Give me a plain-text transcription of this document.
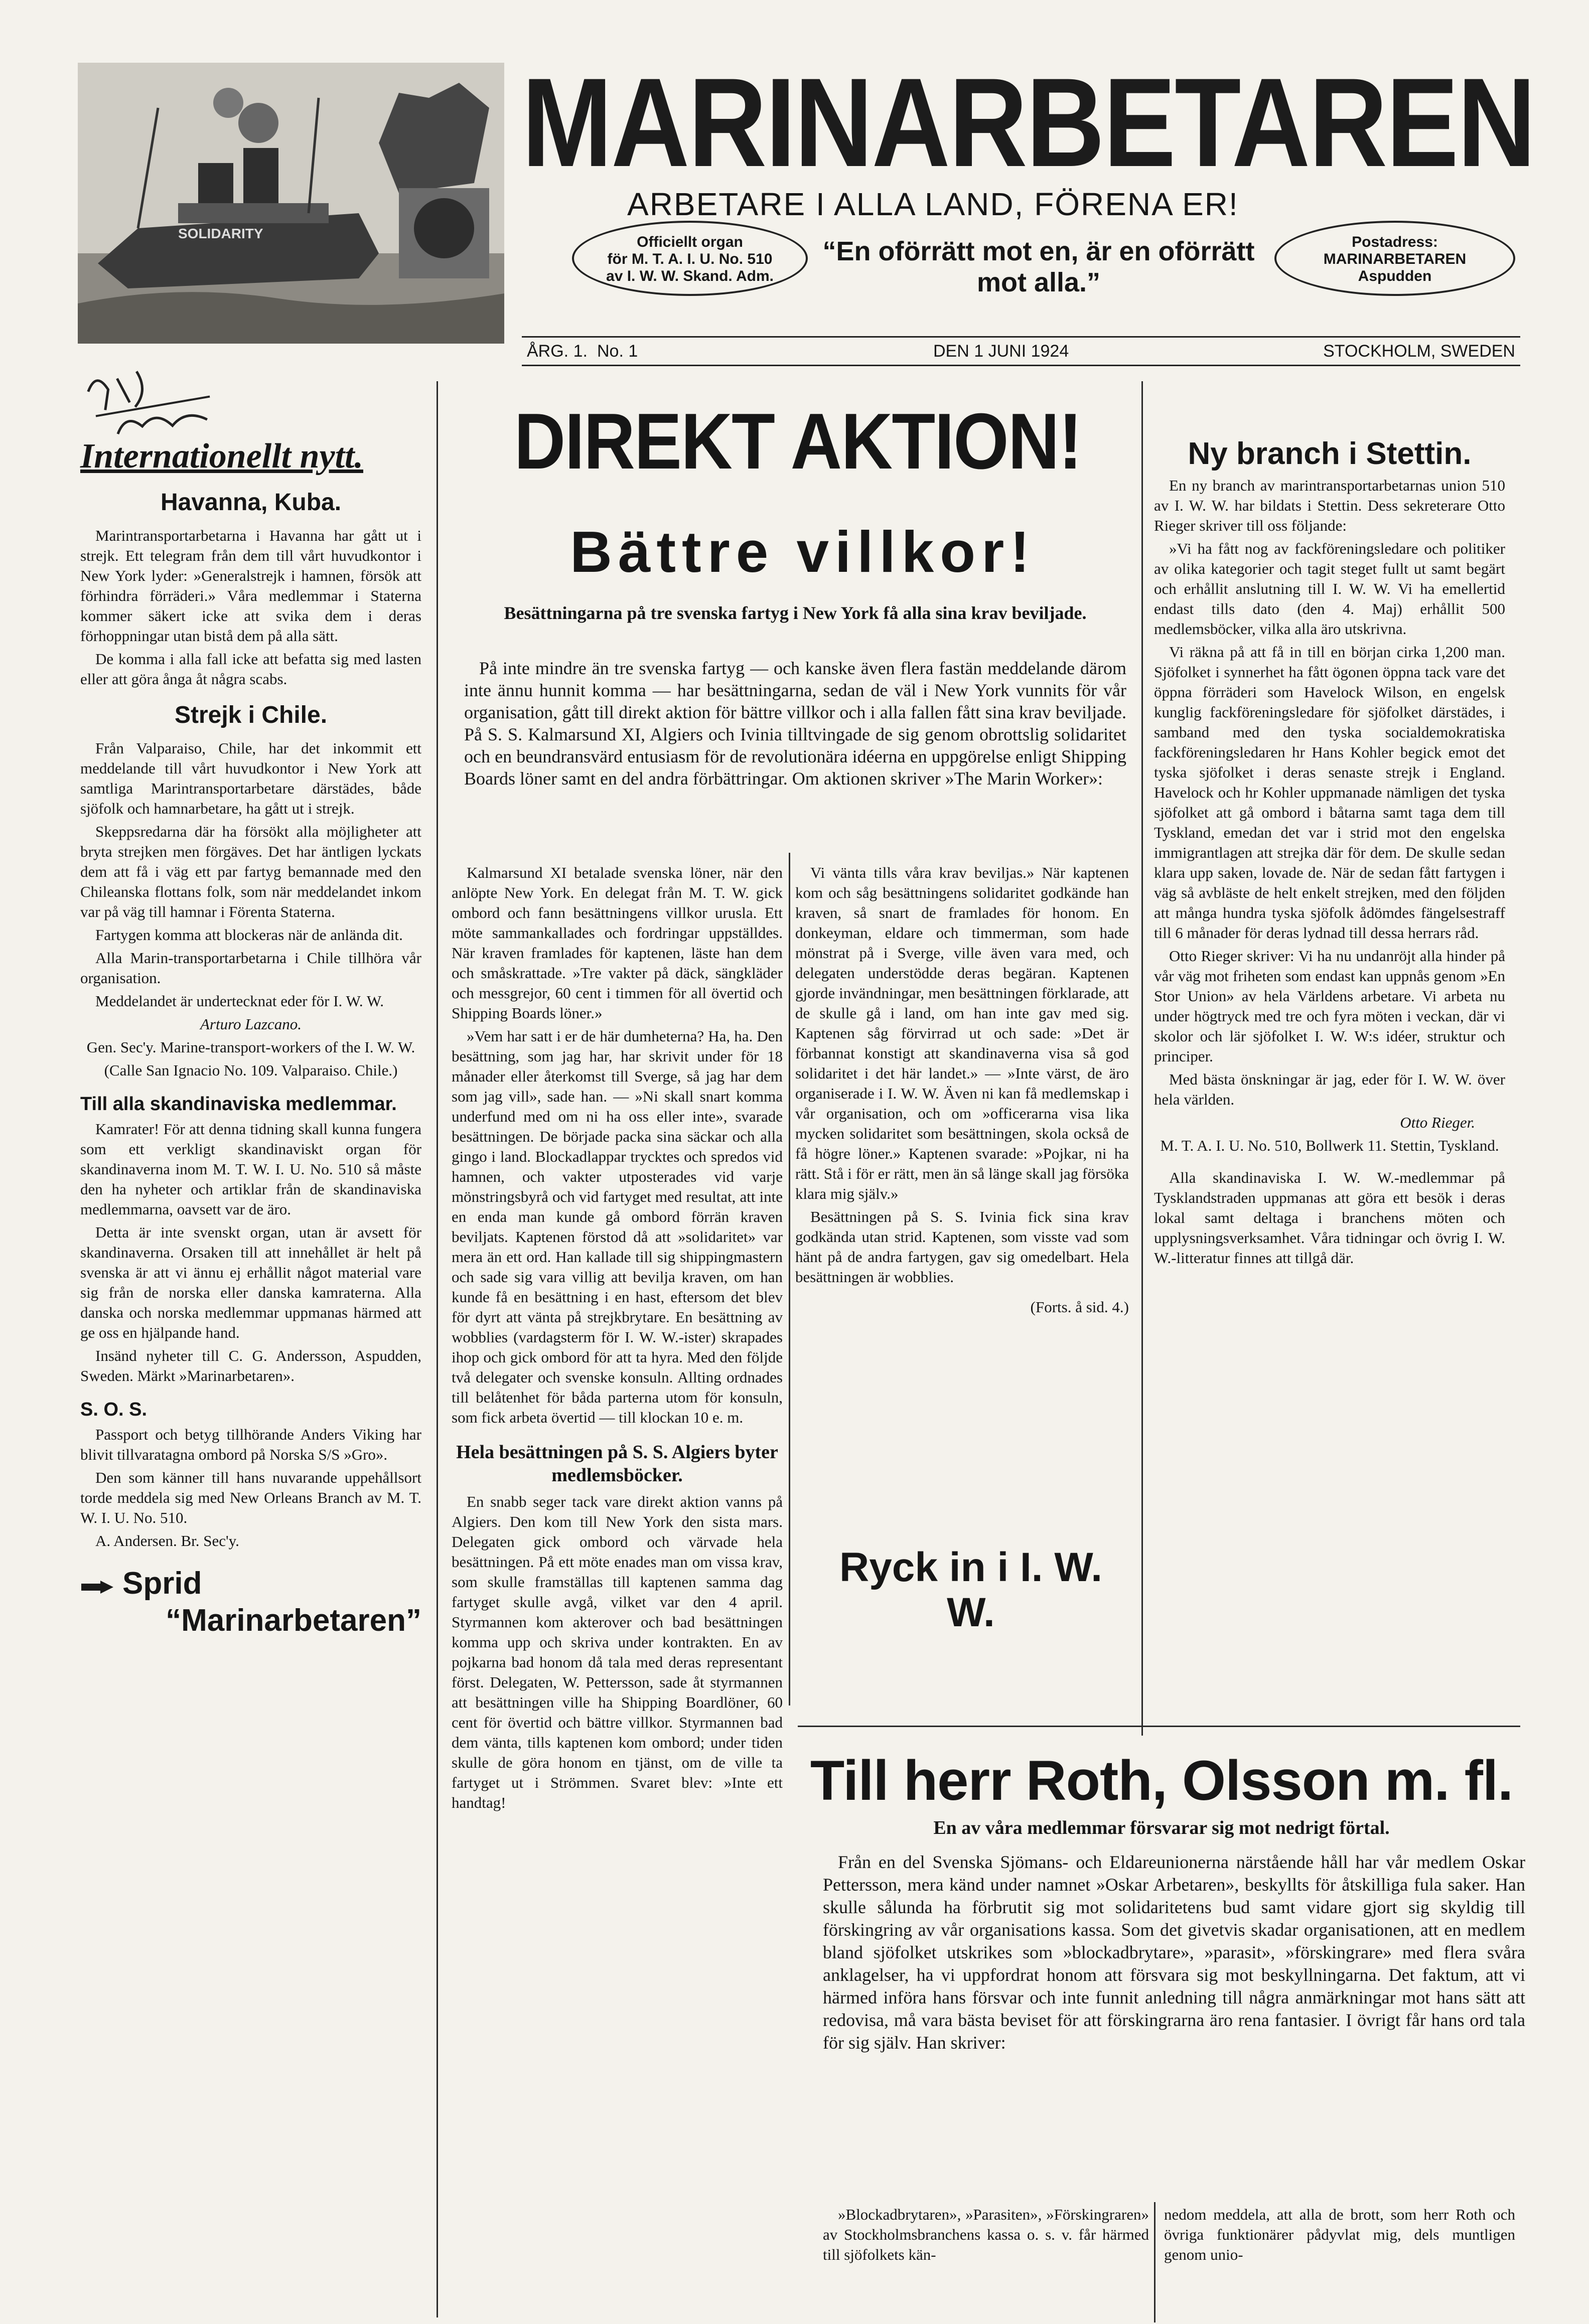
SOLIDARITY
MARINARBETAREN
ARBETARE I ALLA LAND, FÖRENA ER!
Officiellt organ
för M. T. A. I. U. No. 510
av I. W. W. Skand. Adm.
“En oförrätt mot en, är en oförrätt mot alla.”
Postadress:
MARINARBETAREN
Aspudden
ÅRG. 1. No. 1	DEN 1 JUNI 1924	STOCKHOLM, SWEDEN
Internationellt nytt.
Havanna, Kuba.

Marintransportarbetarna i Havanna har gått ut i strejk. Ett telegram från dem till vårt huvudkontor i New York lyder: »Generalstrejk i hamnen, försök att förhindra förräderi.» Våra medlemmar i Staterna kommer säkert icke att svika dem i deras förhoppningar utan bistå dem på alla sätt.

De komma i alla fall icke att befatta sig med lasten eller att göra ånga åt några scabs.

Strejk i Chile.

Från Valparaiso, Chile, har det inkommit ett meddelande till vårt huvudkontor i New York att samtliga Marintransportarbetare därstädes, både sjöfolk och hamnarbetare, ha gått ut i strejk.

Skeppsredarna där ha försökt alla möjligheter att bryta strejken men förgäves. Det har äntligen lyckats dem att få i väg ett par fartyg bemannade med den Chileanska flottans folk, som när meddelandet inkom var på väg till hamnar i Förenta Staterna.

Fartygen komma att blockeras när de anlända dit.

Alla Marin-transportarbetarna i Chile tillhöra vår organisation.

Meddelandet är undertecknat eder för I. W. W.

Arturo Lazcano.

Gen. Sec'y. Marine-transport-workers of the I. W. W.

(Calle San Ignacio No. 109. Valparaiso. Chile.)

Till alla skandinaviska medlemmar.

Kamrater! För att denna tidning skall kunna fungera som ett verkligt skandinaviskt organ för skandinaverna inom M. T. W. I. U. No. 510 så måste den ha nyheter och artiklar från de skandinaviska medlemmarna, oavsett var de äro.

Detta är inte svenskt organ, utan är avsett för skandinaverna. Orsaken till att innehållet är helt på svenska är att vi ännu ej erhållit något material vare sig från de norska eller danska kamraterna. Alla danska och norska medlemmar uppmanas härmed att ge oss en hjälpande hand.

Insänd nyheter till C. G. Andersson, Aspudden, Sweden. Märkt »Marinarbetaren».

S. O. S.

Passport och betyg tillhörande Anders Viking har blivit tillvaratagna ombord på Norska S/S »Gro».

Den som känner till hans nuvarande uppehållsort torde meddela sig med New Orleans Branch av M. T. W. I. U. No. 510.

A. Andersen. Br. Sec'y.

Sprid
“Marinarbetaren”
DIREKT AKTION!
Bättre villkor!
Besättningarna på tre svenska fartyg i New York få alla sina krav beviljade.
På inte mindre än tre svenska fartyg — och kanske även flera fastän meddelande därom inte ännu hunnit komma — har besättningarna, sedan de väl i New York vunnits för vår organisation, gått till direkt aktion för bättre villkor och i alla fallen fått sina krav beviljade. På S. S. Kalmarsund XI, Algiers och Ivinia tilltvingade de sig genom obrottslig solidaritet och en beundransvärd entusiasm för de revolutionära idéerna en uppgörelse enligt Shipping Boards löner samt en del andra förbättringar. Om aktionen skriver »The Marin Worker»:

Kalmarsund XI betalade svenska löner, när den anlöpte New York. En delegat från M. T. W. gick ombord och fann besättningens villkor urusla. Ett möte sammankallades och fordringar uppställdes. När kraven framlades för kaptenen, läste han dem och småskrattade. »Tre vakter på däck, sängkläder och messgrejor, 60 cent i timmen för all övertid och Shipping Boards löner.»

»Vem har satt i er de här dumheterna? Ha, ha. Den besättning, som jag har, har skrivit under för 18 månader eller återkomst till Sverge, så jag har dem som jag vill», sade han. — »Ni skall snart komma underfund med om ni ha oss eller inte», svarade besättningen. De började packa sina säckar och alla gingo i land. Blockadlappar trycktes och spredos vid hamnen, och vakter utposterades vid varje mönstringsbyrå och vid fartyget med resultat, att inte en enda man kunde gå ombord förrän kraven beviljats. Kaptenen förstod då att »solidaritet» var mera än ett ord. Han kallade till sig shippingmastern och sade sig vara villig att bevilja kraven, om han kunde få en besättning i en hast, eftersom det blev för dyrt att vänta på strejkbrytare. En besättning av wobblies (vardagsterm för I. W. W.-ister) skrapades ihop och gick ombord för att ta hyra. Med den följde två delegater och svenske konsuln. Allting ordnades till belåtenhet för båda parterna utom för konsuln, som fick arbeta övertid — till klockan 10 e. m.

Hela besättningen på S. S. Algiers byter medlemsböcker.

En snabb seger tack vare direkt aktion vanns på Algiers. Den kom till New York den sista mars. Delegaten gick ombord och värvade hela besättningen. På ett möte enades man om vissa krav, som skulle framställas till kaptenen samma dag fartyget skulle avgå, vilket var den 4 april. Styrmannen kom akterover och bad besättningen komma upp och skriva under kontrakten. En av pojkarna bad honom då tala med deras representant först. Delegaten, W. Pettersson, sade åt styrmannen att besättningen ville ha Shipping Boardlöner, 60 cent för övertid och bättre villkor. Styrmannen bad dem vänta, tills kaptenen kom ombord; under tiden skulle de göra honom en tjänst, om de ville ta fartyget ut i Strömmen. Svaret blev: »Inte ett handtag!

Vi vänta tills våra krav beviljas.» När kaptenen kom och såg besättningens solidaritet godkände han kraven, så snart de framlades för honom. En donkeyman, eldare och timmerman, som hade mönstrat på i Sverge, ville även vara med, och delegaten understödde deras begäran. Kaptenen gjorde invändningar, men besättningen förklarade, att de skulle gå i land, om han inte gav med sig. Kaptenen såg förvirrad ut och sade: »Det är förbannat konstigt att skandinaverna visa så god solidaritet i det här landet.» — »Inte värst, de äro organiserade i I. W. W. Även ni kan få medlemskap i vår organisation, och om »officerarna visa lika mycken solidaritet som besättningen, skola också de få högre löner.» Kaptenen svarade: »Pojkar, ni ha rätt. Stå i för er rätt, men än så länge skall jag försöka klara mig själv.»

Besättningen på S. S. Ivinia fick sina krav godkända utan strid. Kaptenen, som visste vad som hänt på de andra fartygen, gav sig omedelbart. Hela besättningen är wobblies.

(Forts. å sid. 4.)

Ryck in i I. W. W.
Ny branch i Stettin.

En ny branch av marintransportarbetarnas union 510 av I. W. W. har bildats i Stettin. Dess sekreterare Otto Rieger skriver till oss följande:

»Vi ha fått nog av fackföreningsledare och politiker av olika kategorier och tagit steget fullt ut samt begärt och erhållit anslutning till I. W. W. Vi ha emellertid endast tills dato (den 4. Maj) erhållit 500 medlemsböcker, vilka alla äro utskrivna.

Vi räkna på att få in till en början cirka 1,200 man. Sjöfolket i synnerhet ha fått ögonen öppna tack vare det öppna förräderi som Havelock Wilson, en engelsk kunglig fackföreningsledare för sjöfolket därstädes, i samband med den tyska socialdemokratiska fackföreningsledaren hr Hans Kohler begick emot det tyska sjöfolket i deras senaste strejk i England. Havelock och hr Kohler uppmanade nämligen det tyska sjöfolket att gå ombord i båtarna samt taga dem till Tyskland, emedan det var i strid mot den engelska immigrantlagen att strejka där för dem. De skulle sedan klara upp saken, lovade de. När de sedan fått fartygen i väg så avbläste de helt enkelt strejken, med den följden att många hundra tyska sjöfolk ådömdes fängelsestraff till 6 månader för deras lydnad till dessa herrars råd.

Otto Rieger skriver: Vi ha nu undanröjt alla hinder på vår väg mot friheten som endast kan uppnås genom »En Stor Union» av hela Världens arbetare. Vi arbeta nu under högtryck med tre och fyra möten i veckan, där vi skolor och lär sjöfolket I. W. W:s idéer, struktur och principer.

Med bästa önskningar är jag, eder för I. W. W. över hela världen.

Otto Rieger.

M. T. A. I. U. No. 510, Bollwerk 11. Stettin, Tyskland.

Alla skandinaviska I. W. W.-medlemmar på Tysklandstraden uppmanas att göra ett besök i deras lokal samt deltaga i branchens möten och upplysningsverksamhet. Våra tidningar och övrig I. W. W.-litteratur finnes att tillgå där.

Till herr Roth, Olsson m. fl.
En av våra medlemmar försvarar sig mot nedrigt förtal.
Från en del Svenska Sjömans- och Eldareunionerna närstående håll har vår medlem Oskar Pettersson, mera känd under namnet »Oskar Arbetaren», beskyllts för åtskilliga fula saker. Han skulle sålunda ha förbrutit sig mot solidaritetens bud samt vidare gjort sig skyldig till förskingring av vår organisations kassa. Som det givetvis skadar organisationen, att en medlem bland sjöfolket utskrikes som »blockadbrytare», »parasit», »förskingrare» med flera svåra anklagelser, ha vi uppfordrat honom att försvara sig mot beskyllningarna. Det faktum, att vi härmed införa hans försvar och inte funnit anledning till några anmärkningar mot hans sätt att redovisa, må vara bästa beviset för att förskingrarna äro rena fantasier. I övrigt får hans ord tala för sig själv. Han skriver:

»Blockadbrytaren», »Parasiten», »Förskingraren» av Stockholmsbranchens kassa o. s. v. får härmed till sjöfolkets kän-

nedom meddela, att alla de brott, som herr Roth och övriga funktionärer pådyvlat mig, dels muntligen genom unio-
